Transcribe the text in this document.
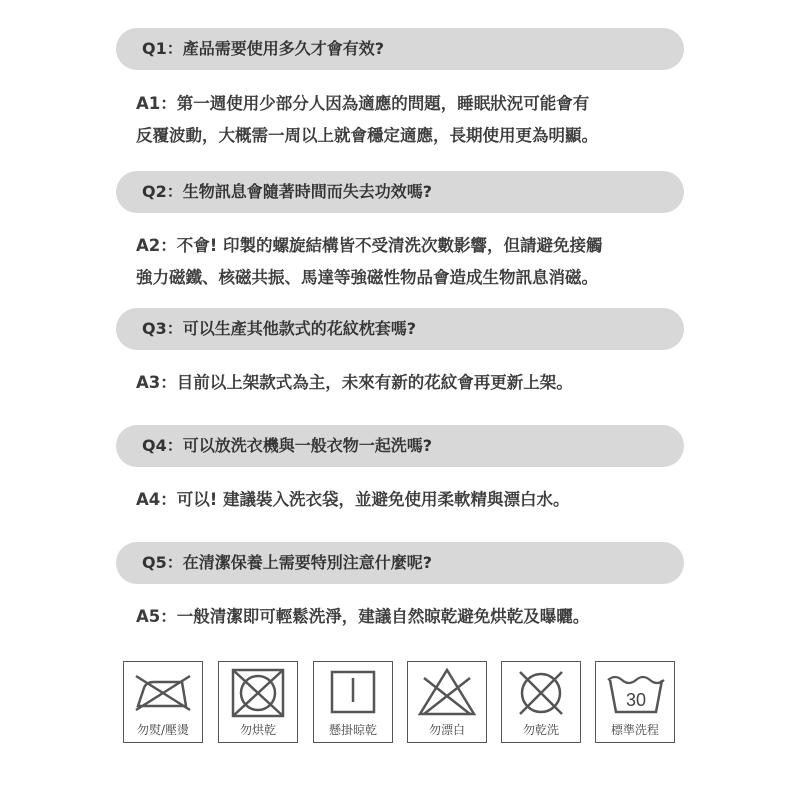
Q1：產品需要使用多久才會有效?
A1：第一週使用少部分人因為適應的問題，睡眠狀況可能會有
反覆波動，大概需一周以上就會穩定適應，長期使用更為明顯。
Q2：生物訊息會隨著時間而失去功效嗎?
A2：不會! 印製的螺旋結構皆不受清洗次數影響，但請避免接觸
強力磁鐵、核磁共振、馬達等強磁性物品會造成生物訊息消磁。
Q3：可以生產其他款式的花紋枕套嗎?
A3：目前以上架款式為主，未來有新的花紋會再更新上架。
Q4：可以放洗衣機與一般衣物一起洗嗎?
A4：可以! 建議裝入洗衣袋，並避免使用柔軟精與漂白水。
Q5：在清潔保養上需要特別注意什麼呢?
A5：一般清潔即可輕鬆洗淨，建議自然晾乾避免烘乾及曝曬。
勿熨/壓燙	勿烘乾	懸掛晾乾	勿漂白	勿乾洗
30
標準洗程
